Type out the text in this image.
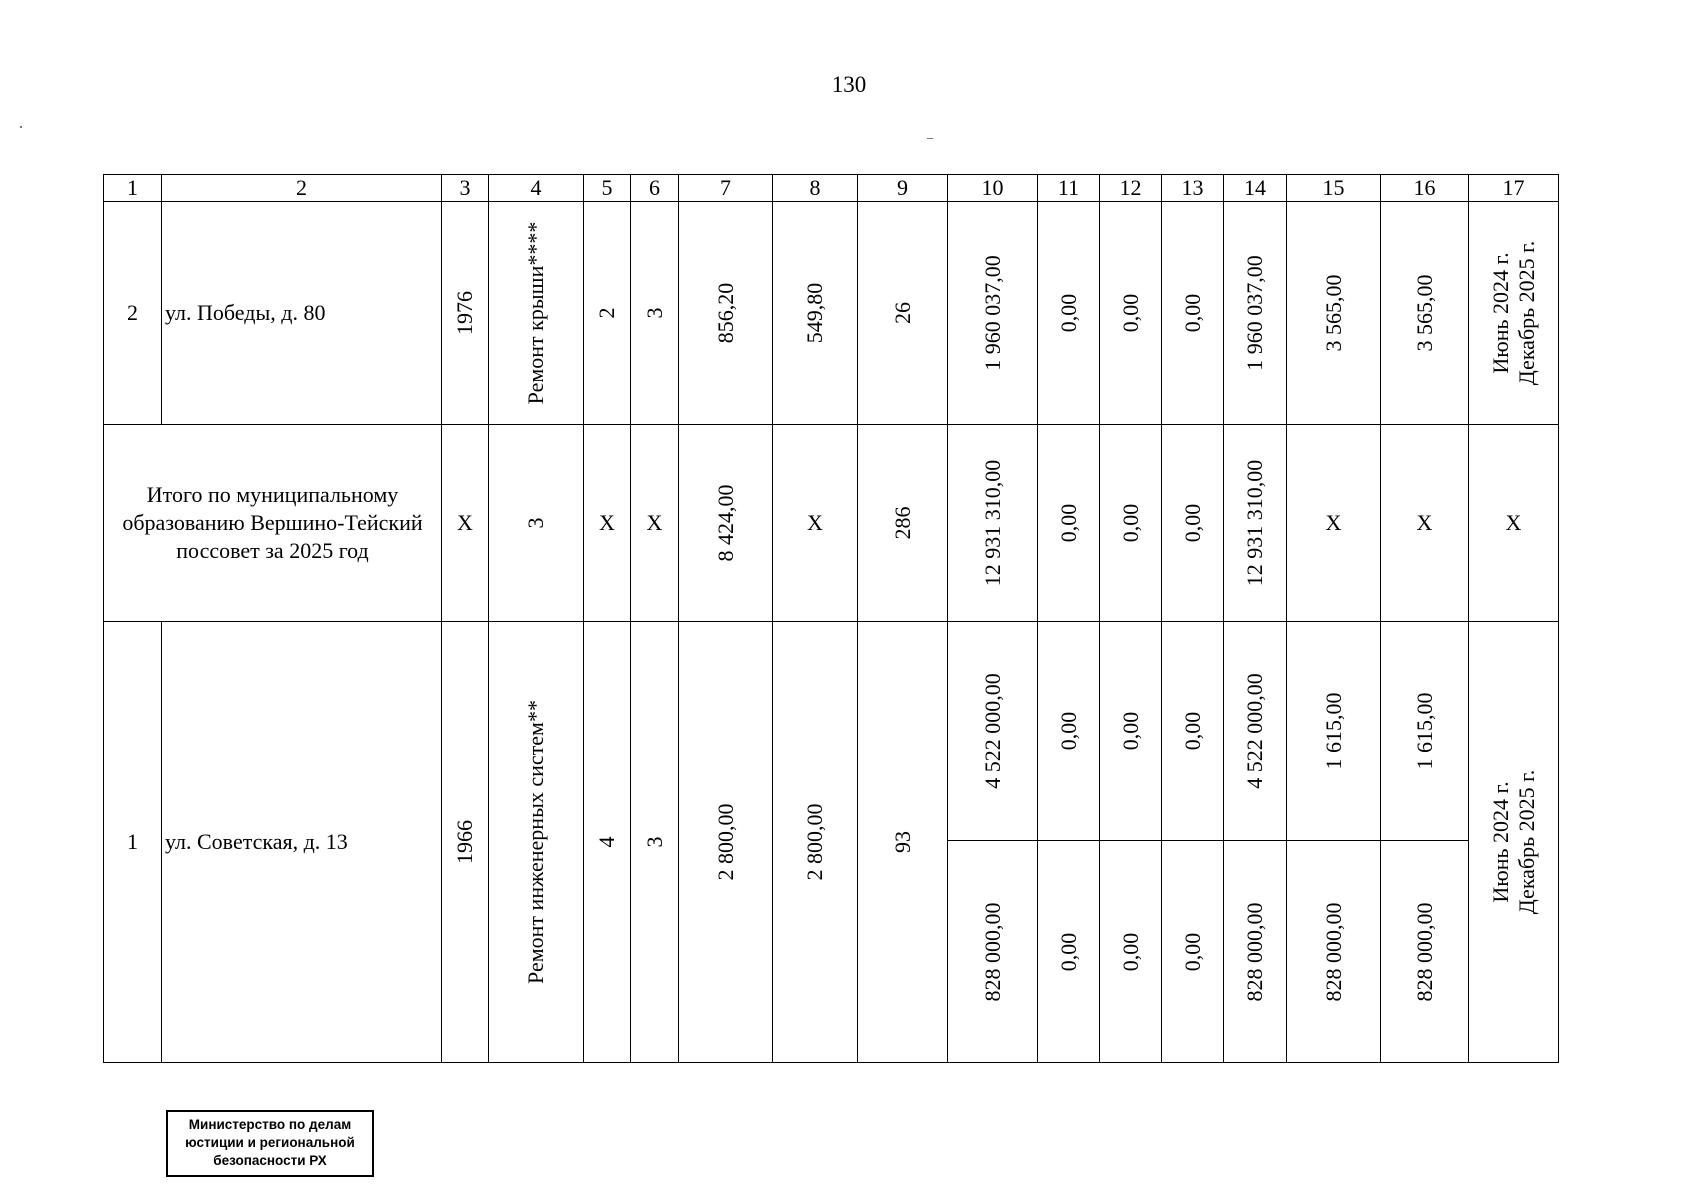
130
1	2	3	4	5	6	7	8	9	10	11	12	13	14	15	16	17
2	ул. Победы, д. 80	1976	Ремонт крыши****	2	3	856,20	549,80	26	1 960 037,00	0,00	0,00	0,00	1 960 037,00	3 565,00	3 565,00	Июнь 2024 г. Декабрь 2025 г.

Итого по муниципальному образованию Вершино-Тейский поссовет за 2025 год		X	3	X	X	8 424,00	X	286	12 931 310,00	0,00	0,00	0,00	12 931 310,00	X	X	X
1	ул. Советская, д. 13	1966	Ремонт инженерных систем**	4	3	2 800,00	2 800,00	93	4 522 000,00	0,00	0,00	0,00	4 522 000,00	1 615,00	1 615,00	Июнь 2024 г. Декабрь 2025 г.

									828 000,00	0,00	0,00	0,00	828 000,00	828 000,00	828 000,00	
Министерство по делам
юстиции и региональной
безопасности РХ
